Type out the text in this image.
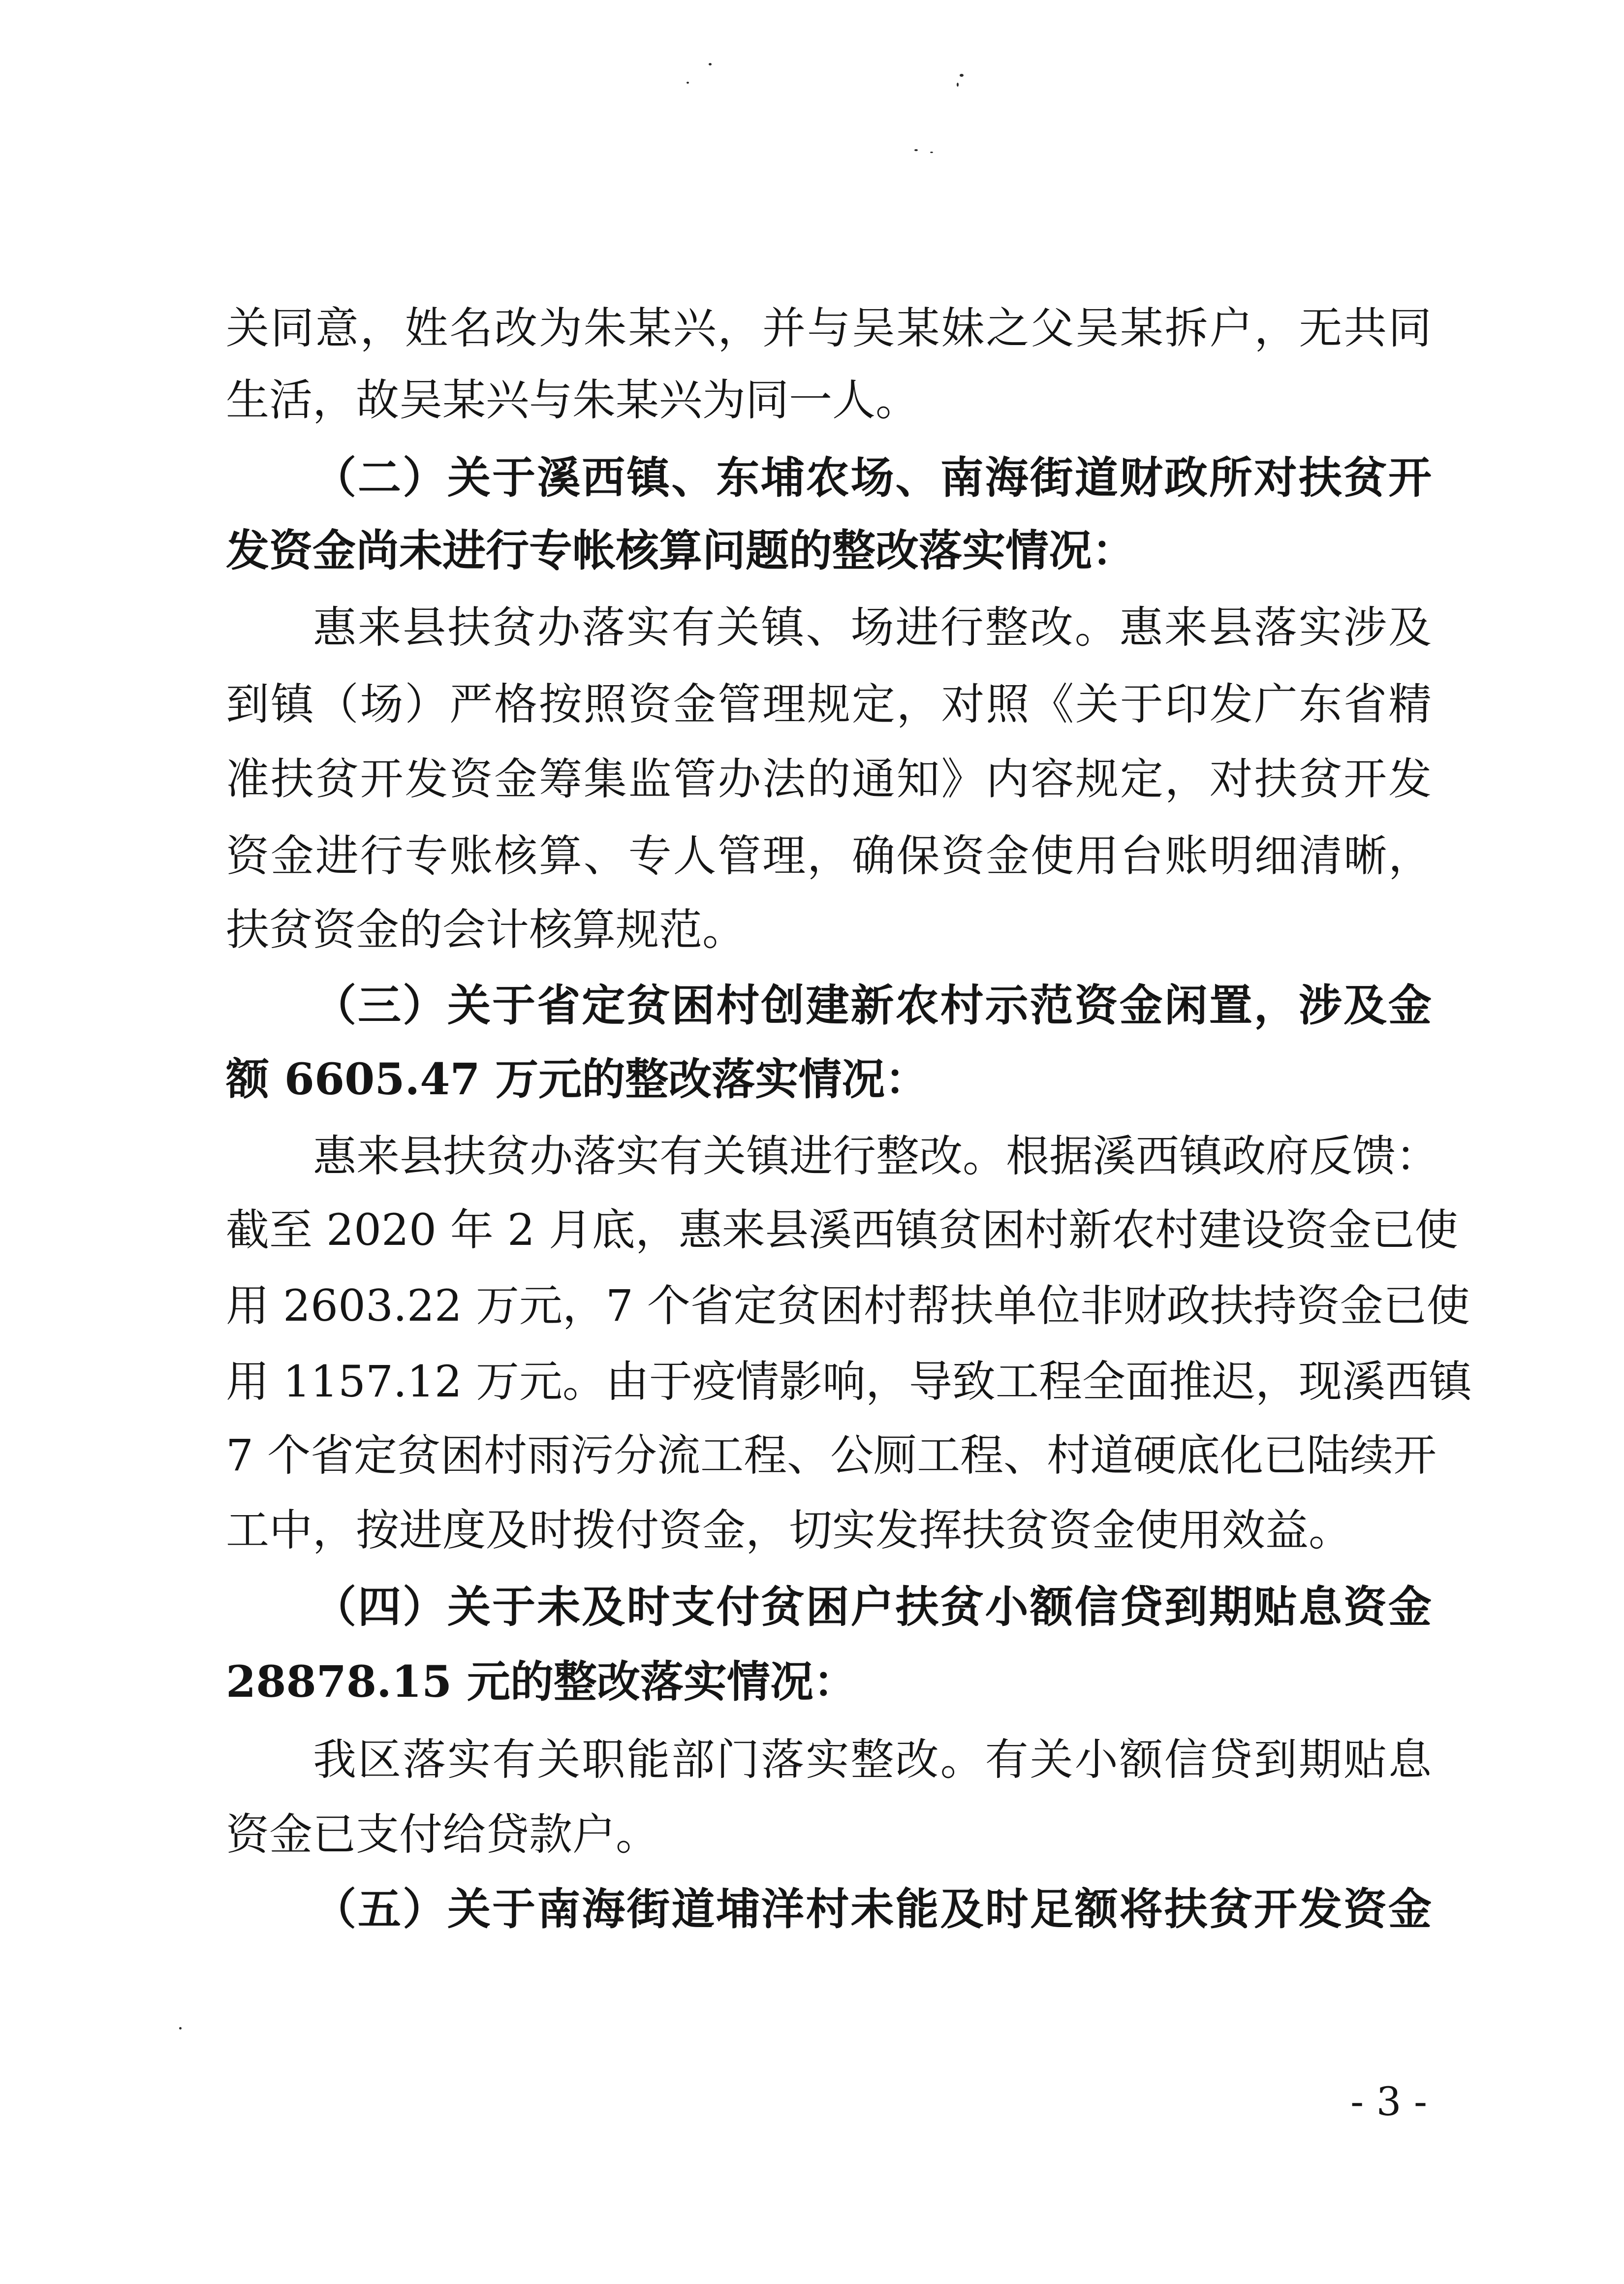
关同意，姓名改为朱某兴，并与吴某妹之父吴某拆户，无共同
生活，故吴某兴与朱某兴为同一人。
（二）关于溪西镇、东埔农场、南海街道财政所对扶贫开
发资金尚未进行专帐核算问题的整改落实情况：
惠来县扶贫办落实有关镇、场进行整改。惠来县落实涉及
到镇（场）严格按照资金管理规定，对照《关于印发广东省精
准扶贫开发资金筹集监管办法的通知》内容规定，对扶贫开发
资金进行专账核算、专人管理，确保资金使用台账明细清晰，
扶贫资金的会计核算规范。
（三）关于省定贫困村创建新农村示范资金闲置，涉及金
额 6605.47 万元的整改落实情况：
惠来县扶贫办落实有关镇进行整改。根据溪西镇政府反馈：
截至 2020 年 2 月底，惠来县溪西镇贫困村新农村建设资金已使
用 2603.22 万元，7 个省定贫困村帮扶单位非财政扶持资金已使
用 1157.12 万元。由于疫情影响，导致工程全面推迟，现溪西镇
7 个省定贫困村雨污分流工程、公厕工程、村道硬底化已陆续开
工中，按进度及时拨付资金，切实发挥扶贫资金使用效益。
（四）关于未及时支付贫困户扶贫小额信贷到期贴息资金
28878.15 元的整改落实情况：
我区落实有关职能部门落实整改。有关小额信贷到期贴息
资金已支付给贷款户。
（五）关于南海街道埔洋村未能及时足额将扶贫开发资金
- 3 -
